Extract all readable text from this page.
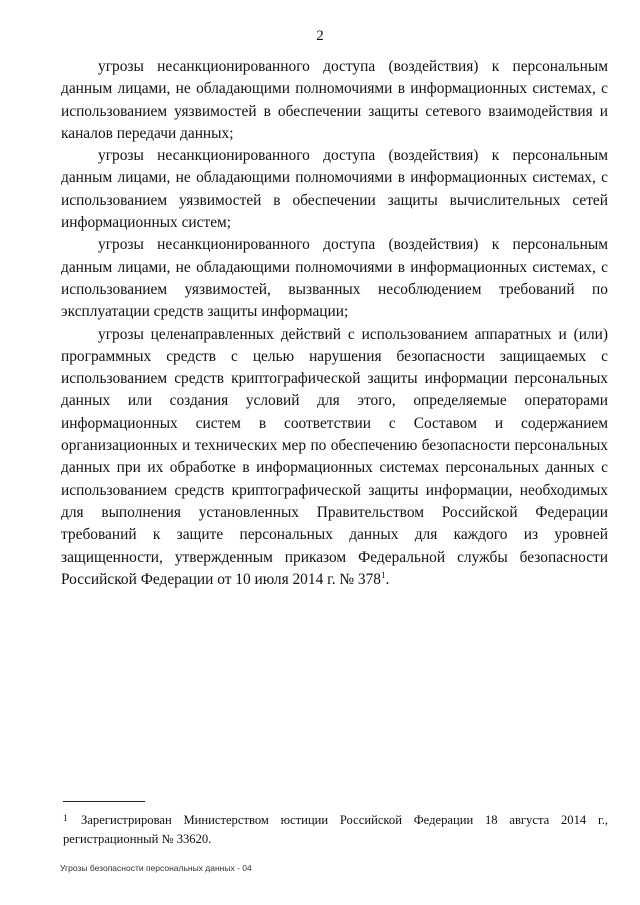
2

угрозы несанкционированного доступа (воздействия) к персональным данным лицами, не обладающими полномочиями в информационных системах, с использованием уязвимостей в обеспечении защиты сетевого взаимодействия и каналов передачи данных;

угрозы несанкционированного доступа (воздействия) к персональным данным лицами, не обладающими полномочиями в информационных системах, с использованием уязвимостей в обеспечении защиты вычислительных сетей информационных систем;

угрозы несанкционированного доступа (воздействия) к персональным данным лицами, не обладающими полномочиями в информационных системах, с использованием уязвимостей, вызванных несоблюдением требований по эксплуатации средств защиты информации;

угрозы целенаправленных действий с использованием аппаратных и (или) программных средств с целью нарушения безопасности защищаемых с использованием средств криптографической защиты информации персональных данных или создания условий для этого, определяемые операторами информационных систем в соответствии с Составом и содержанием организационных и технических мер по обеспечению безопасности персональных данных при их обработке в информационных системах персональных данных с использованием средств криптографической защиты информации, необходимых для выполнения установленных Правительством Российской Федерации требований к защите персональных данных для каждого из уровней защищенности, утвержденным приказом Федеральной службы безопасности Российской Федерации от 10 июля 2014 г. № $378^1$.

1 Зарегистрирован Министерством юстиции Российской Федерации 18 августа 2014 г., регистрационный № 33620.
Угрозы безопасности персональных данных - 04
